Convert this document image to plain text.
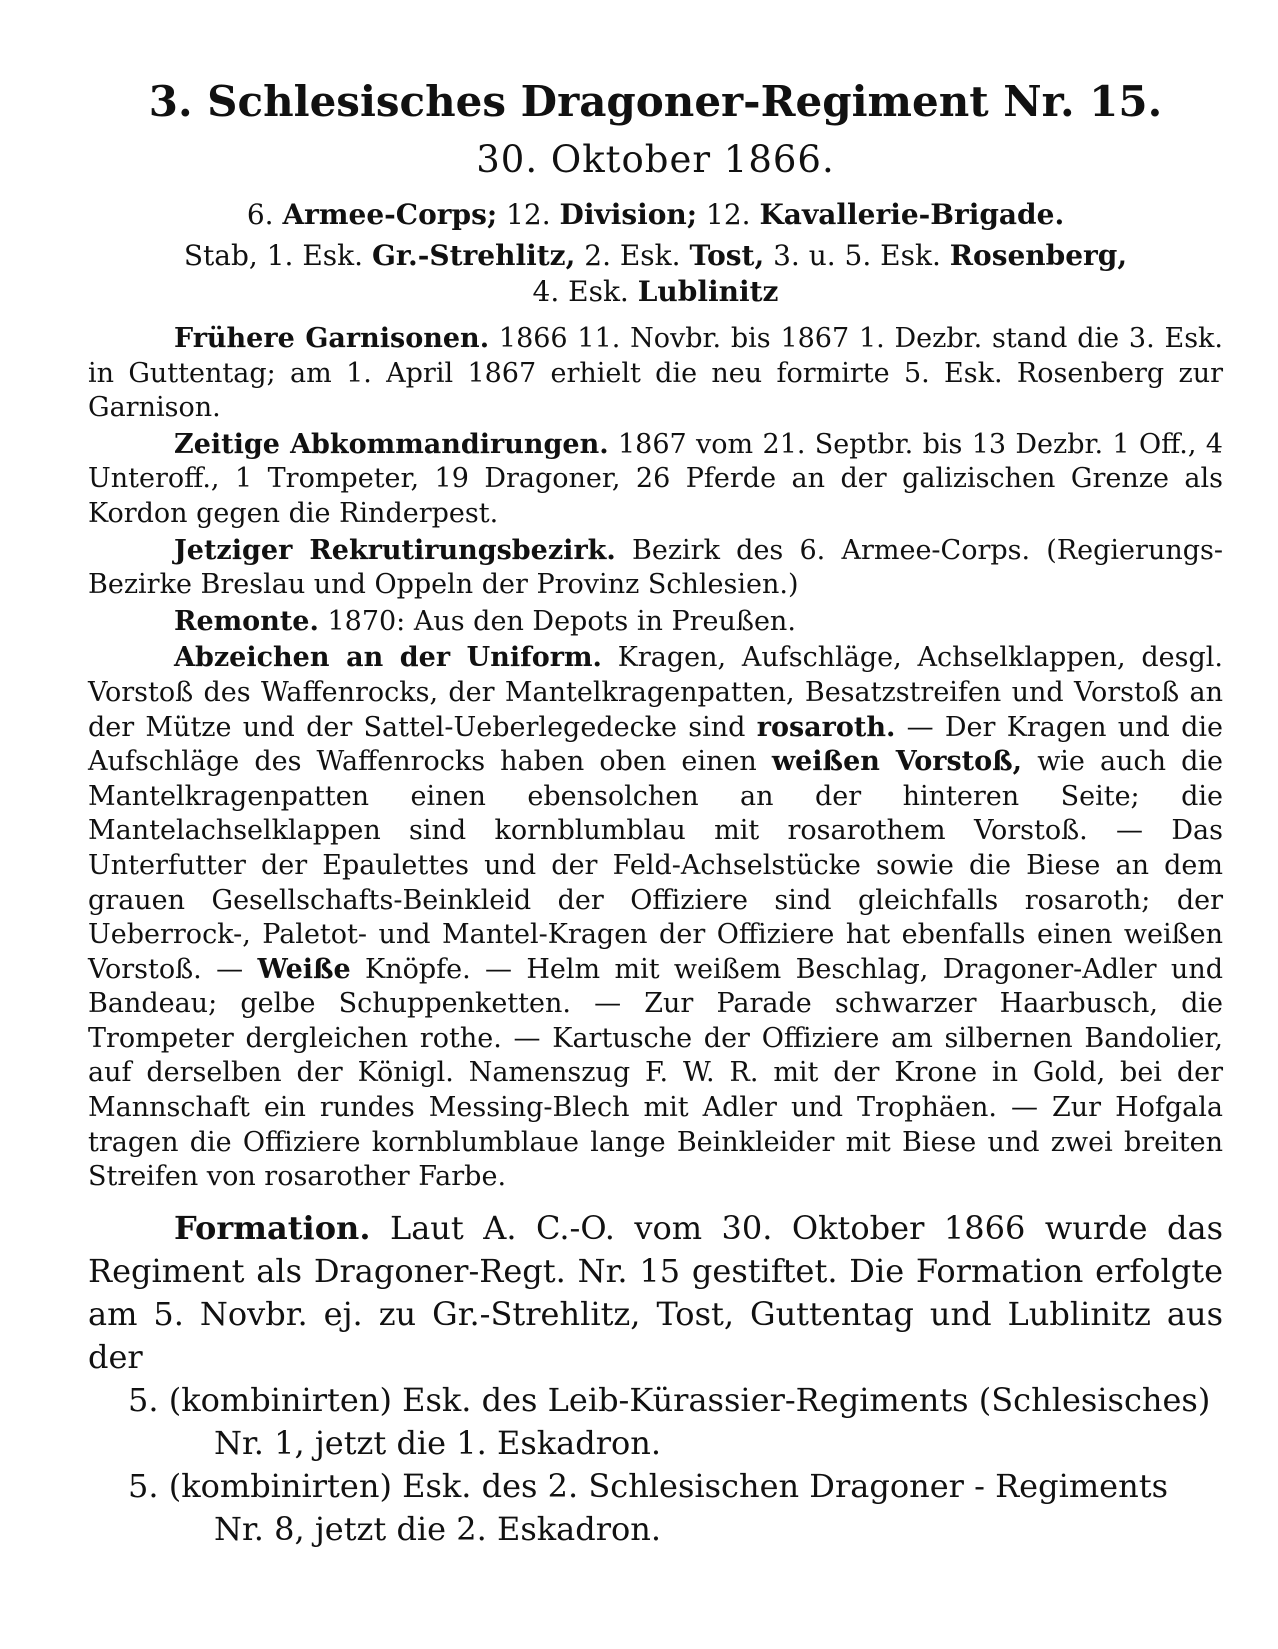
3. Schlesisches Dragoner-Regiment Nr. 15.
30. Oktober 1866.
6. Armee-Corps; 12. Division; 12. Kavallerie-Brigade.
Stab, 1. Esk. Gr.-Strehlitz, 2. Esk. Tost, 3. u. 5. Esk. Rosenberg,
4. Esk. Lublinitz

Frühere Garnisonen. 1866 11. Novbr. bis 1867 1. Dezbr. stand die 3. Esk. in Guttentag; am 1. April 1867 erhielt die neu formirte 5. Esk. Rosenberg zur Garnison.

Zeitige Abkommandirungen. 1867 vom 21. Septbr. bis 13 Dezbr. 1 Off., 4 Unteroff., 1 Trompeter, 19 Dragoner, 26 Pferde an der galizischen Grenze als Kordon gegen die Rinderpest.

Jetziger Rekrutirungsbezirk. Bezirk des 6. Armee-Corps. (Regierungs-Bezirke Breslau und Oppeln der Provinz Schlesien.)

Remonte. 1870: Aus den Depots in Preußen.

Abzeichen an der Uniform. Kragen, Aufschläge, Achselklappen, desgl. Vorstoß des Waffenrocks, der Mantelkragenpatten, Besatzstreifen und Vorstoß an der Mütze und der Sattel-Ueberlegedecke sind rosaroth. — Der Kragen und die Aufschläge des Waffenrocks haben oben einen weißen Vorstoß, wie auch die Mantelkragenpatten einen ebensolchen an der hinteren Seite; die Mantelachselklappen sind kornblumblau mit rosarothem Vorstoß. — Das Unterfutter der Epaulettes und der Feld-Achselstücke sowie die Biese an dem grauen Gesellschafts-Beinkleid der Offiziere sind gleichfalls rosaroth; der Ueberrock-, Paletot- und Mantel-Kragen der Offiziere hat ebenfalls einen weißen Vorstoß. — Weiße Knöpfe. — Helm mit weißem Beschlag, Dragoner-Adler und Bandeau; gelbe Schuppenketten. — Zur Parade schwarzer Haarbusch, die Trompeter dergleichen rothe. — Kartusche der Offiziere am silbernen Bandolier, auf derselben der Königl. Namenszug F. W. R. mit der Krone in Gold, bei der Mannschaft ein rundes Messing-Blech mit Adler und Trophäen. — Zur Hofgala tragen die Offiziere kornblumblaue lange Beinkleider mit Biese und zwei breiten Streifen von rosarother Farbe.

Formation. Laut A. C.-O. vom 30. Oktober 1866 wurde das Regiment als Dragoner-Regt. Nr. 15 gestiftet. Die Formation erfolgte am 5. Novbr. ej. zu Gr.-Strehlitz, Tost, Guttentag und Lublinitz aus der

5. (kombinirten) Esk. des Leib-Kürassier-Regiments (Schlesisches) Nr. 1, jetzt die 1. Eskadron.
5. (kombinirten) Esk. des 2. Schlesischen Dragoner - Regiments Nr. 8, jetzt die 2. Eskadron.
